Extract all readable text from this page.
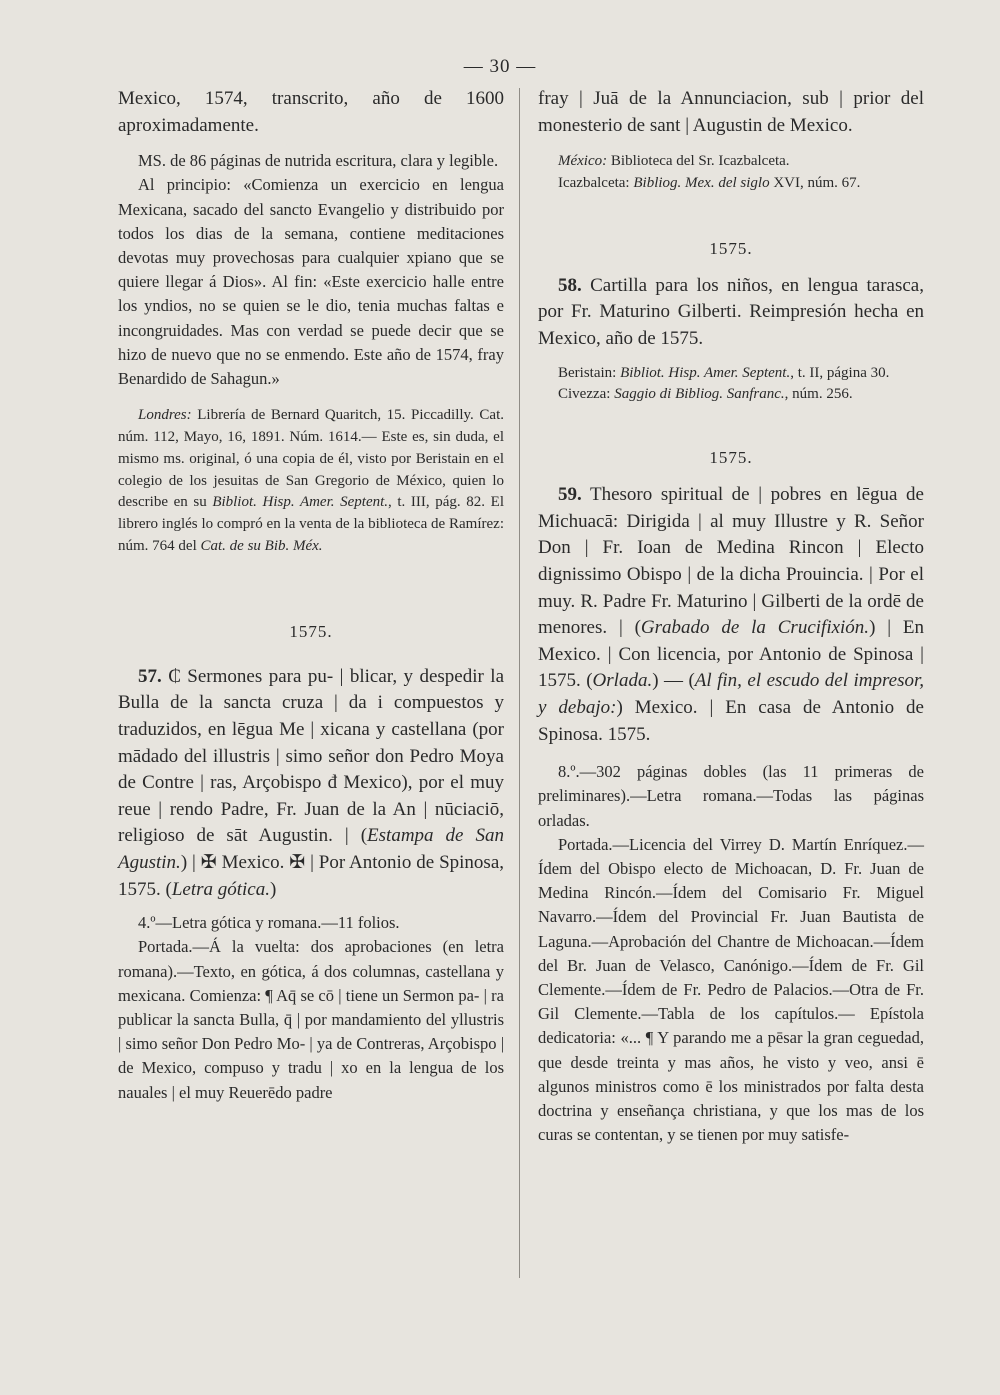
— 30 —

Mexico, 1574, transcrito, año de 1600 aproximadamente.

MS. de 86 páginas de nutrida escritura, clara y legible.

Al principio: «Comienza un exercicio en lengua Mexicana, sacado del sancto Evangelio y distribuido por todos los dias de la semana, contiene meditaciones devotas muy provechosas para cualquier xpiano que se quiere llegar á Dios». Al fin: «Este exercicio halle entre los yndios, no se quien se le dio, tenia muchas faltas e incongruidades. Mas con verdad se puede decir que se hizo de nuevo que no se enmendo. Este año de 1574, fray Benardido de Sahagun.»

Londres: Librería de Bernard Quaritch, 15. Piccadilly. Cat. núm. 112, Mayo, 16, 1891. Núm. 1614.— Este es, sin duda, el mismo ms. original, ó una copia de él, visto por Beristain en el colegio de los jesuitas de San Gregorio de México, quien lo describe en su Bibliot. Hisp. Amer. Septent., t. III, pág. 82. El librero inglés lo compró en la venta de la biblioteca de Ramírez: núm. 764 del Cat. de su Bib. Méx.

1575.

57. ₵ Sermones para pu- | blicar, y despedir la Bulla de la sancta cruza | da i compuestos y traduzidos, en lēgua Me | xicana y castellana (por mādado del illustris | simo señor don Pedro Moya de Contre | ras, Arçobispo đ Mexico), por el muy reue | rendo Padre, Fr. Juan de la An | nūciaciō, religioso de sāt Augustin. | (Estampa de San Agustin.) | ✠ Mexico. ✠ | Por Antonio de Spinosa, 1575. (Letra gótica.)

4.º—Letra gótica y romana.—11 folios.

Portada.—Á la vuelta: dos aprobaciones (en letra romana).—Texto, en gótica, á dos columnas, castellana y mexicana. Comienza: ¶ Aq̄ se cō | tiene un Sermon pa- | ra publicar la sancta Bulla, q̄ | por mandamiento del yllustris | simo señor Don Pedro Mo- | ya de Contreras, Arçobispo | de Mexico, compuso y tradu | xo en la lengua de los nauales | el muy Reuerēdo padre

fray | Juā de la Annunciacion, sub | prior del monesterio de sant | Augustin de Mexico.

México: Biblioteca del Sr. Icazbalceta.

Icazbalceta: Bibliog. Mex. del siglo XVI, núm. 67.

1575.

58. Cartilla para los niños, en lengua tarasca, por Fr. Maturino Gilberti. Reimpresión hecha en Mexico, año de 1575.

Beristain: Bibliot. Hisp. Amer. Septent., t. II, página 30.

Civezza: Saggio di Bibliog. Sanfranc., núm. 256.

1575.

59. Thesoro spiritual de | pobres en lēgua de Michuacā: Dirigida | al muy Illustre y R. Señor Don | Fr. Ioan de Medina Rincon | Electo dignissimo Obispo | de la dicha Prouincia. | Por el muy. R. Padre Fr. Maturino | Gilberti de la ordē de menores. | (Grabado de la Crucifixión.) | En Mexico. | Con licencia, por Antonio de Spinosa | 1575. (Orlada.) — (Al fin, el escudo del impresor, y debajo:) Mexico. | En casa de Antonio de Spinosa. 1575.

8.º.—302 páginas dobles (las 11 primeras de preliminares).—Letra romana.—Todas las páginas orladas.

Portada.—Licencia del Virrey D. Martín Enríquez.—Ídem del Obispo electo de Michoacan, D. Fr. Juan de Medina Rincón.—Ídem del Comisario Fr. Miguel Navarro.—Ídem del Provincial Fr. Juan Bautista de Laguna.—Aprobación del Chantre de Michoacan.—Ídem del Br. Juan de Velasco, Canónigo.—Ídem de Fr. Gil Clemente.—Ídem de Fr. Pedro de Palacios.—Otra de Fr. Gil Clemente.—Tabla de los capítulos.— Epístola dedicatoria: «... ¶ Y parando me a pēsar la gran ceguedad, que desde treinta y mas años, he visto y veo, ansi ē algunos ministros como ē los ministrados por falta desta doctrina y enseñança christiana, y que los mas de los curas se contentan, y se tienen por muy satisfe-
